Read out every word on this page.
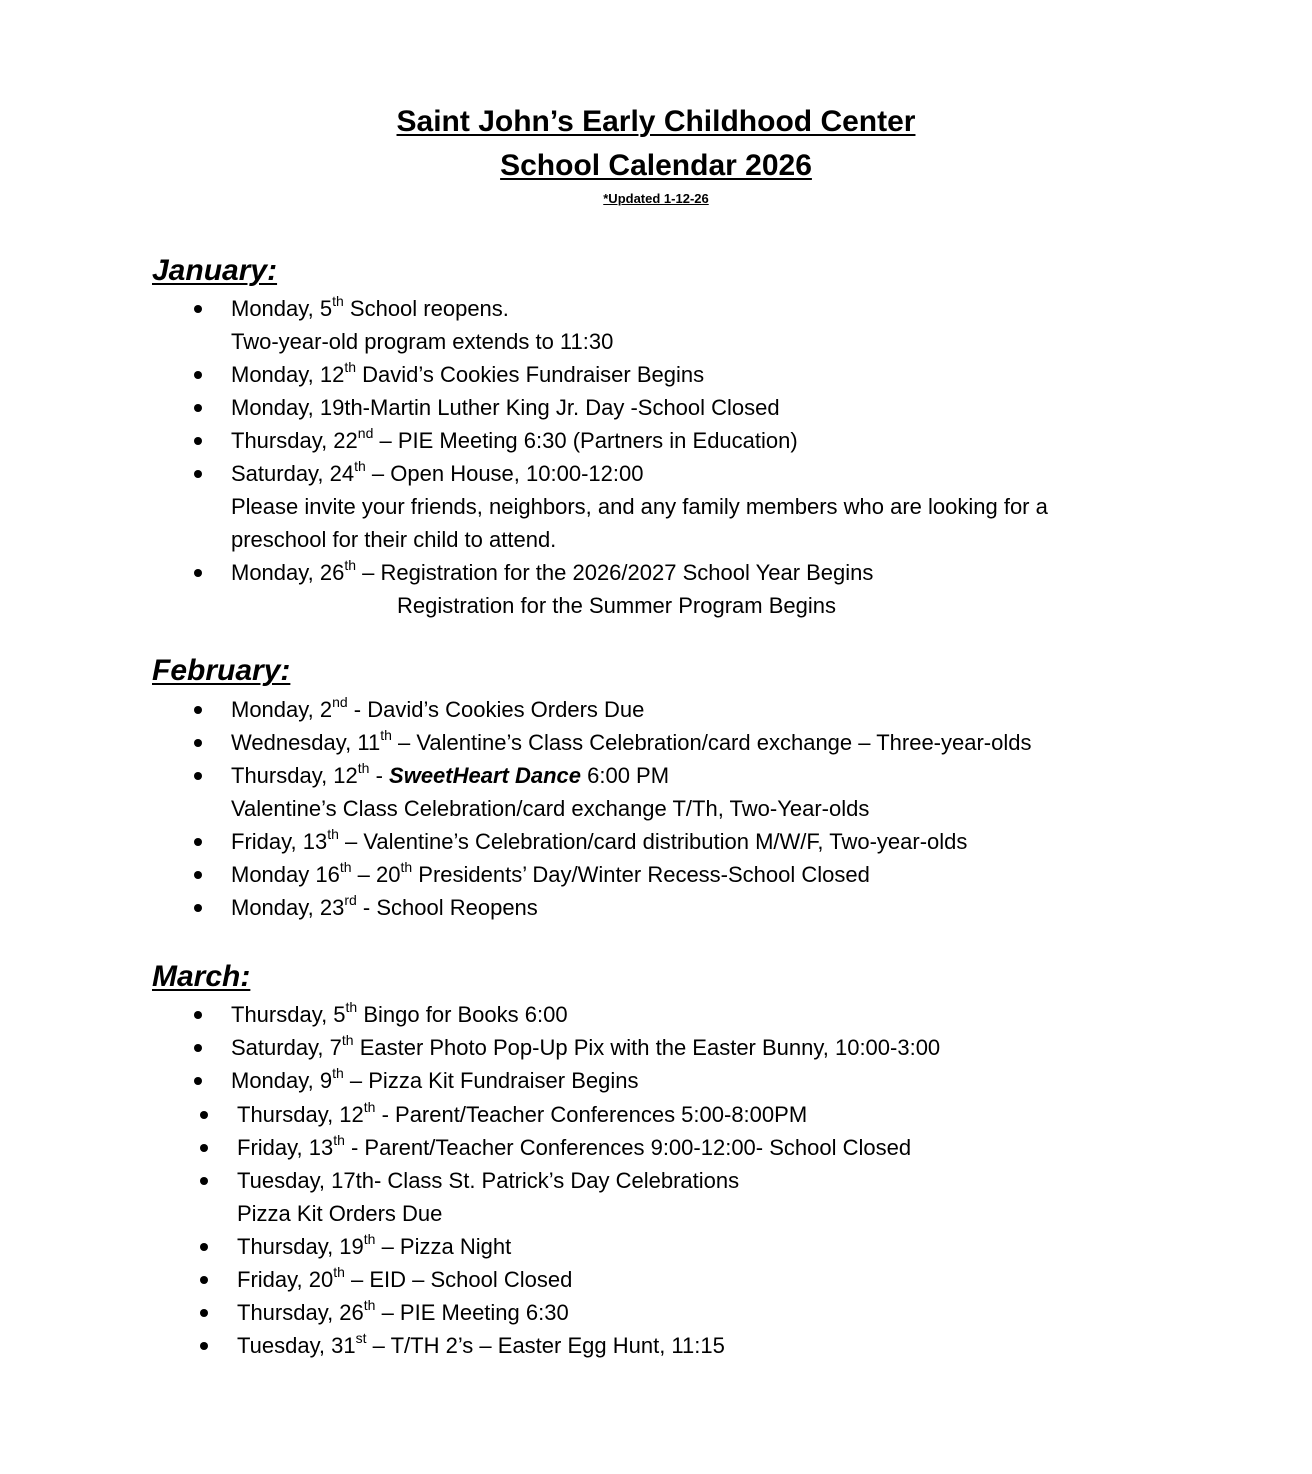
Saint John’s Early Childhood Center
School Calendar 2026
*Updated 1-12-26
January:
Monday, 5th School reopens.
Two-year-old program extends to 11:30
Monday, 12th David’s Cookies Fundraiser Begins
Monday, 19th-Martin Luther King Jr. Day -School Closed
Thursday, 22nd – PIE Meeting 6:30 (Partners in Education)
Saturday, 24th – Open House, 10:00-12:00
Please invite your friends, neighbors, and any family members who are looking for a
preschool for their child to attend.
Monday, 26th – Registration for the 2026/2027 School Year Begins
Registration for the Summer Program Begins
February:
Monday, 2nd - David’s Cookies Orders Due
Wednesday, 11th – Valentine’s Class Celebration/card exchange – Three-year-olds
Thursday, 12th - SweetHeart Dance 6:00 PM
Valentine’s Class Celebration/card exchange T/Th, Two-Year-olds
Friday, 13th – Valentine’s Celebration/card distribution M/W/F, Two-year-olds
Monday 16th – 20th Presidents’ Day/Winter Recess-School Closed
Monday, 23rd - School Reopens
March:
Thursday, 5th Bingo for Books 6:00
Saturday, 7th Easter Photo Pop-Up Pix with the Easter Bunny, 10:00-3:00
Monday, 9th – Pizza Kit Fundraiser Begins
Thursday, 12th - Parent/Teacher Conferences 5:00-8:00PM
Friday, 13th - Parent/Teacher Conferences 9:00-12:00- School Closed
Tuesday, 17th- Class St. Patrick’s Day Celebrations
Pizza Kit Orders Due
Thursday, 19th – Pizza Night
Friday, 20th – EID – School Closed
Thursday, 26th – PIE Meeting 6:30
Tuesday, 31st – T/TH 2’s – Easter Egg Hunt, 11:15
